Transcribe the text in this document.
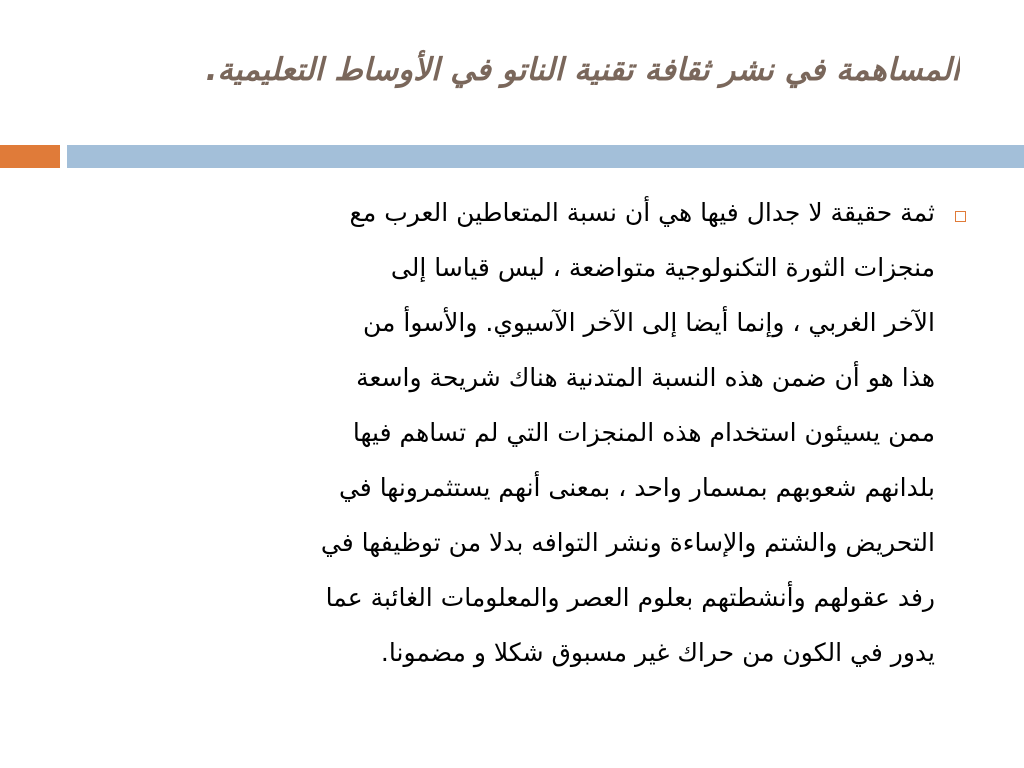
المساهمة في نشر ثقافة تقنية الناتو في الأوساط التعليمية.
ثمة حقيقة لا جدال فيها هي أن نسبة المتعاطين العرب مع
منجزات الثورة التكنولوجية متواضعة ، ليس قياسا إلى
الآخر الغربي ، وإنما أيضا إلى الآخر الآسيوي. والأسوأ من
هذا هو أن ضمن هذه النسبة المتدنية هناك شريحة واسعة
ممن يسيئون استخدام هذه المنجزات التي لم تساهم فيها
بلدانهم شعوبهم بمسمار واحد ، بمعنى أنهم يستثمرونها في
التحريض والشتم والإساءة ونشر التوافه بدلا من توظيفها في
رفد عقولهم وأنشطتهم بعلوم العصر والمعلومات الغائبة عما
يدور في الكون من حراك غير مسبوق شكلا و مضمونا.
